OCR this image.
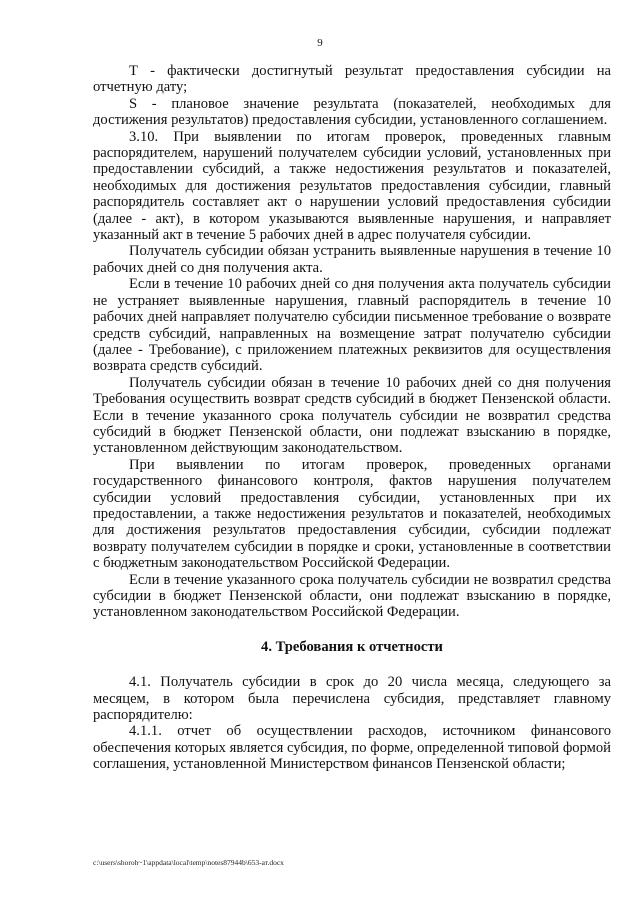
9

Т - фактически достигнутый результат предоставления субсидии на отчетную дату;

S - плановое значение результата (показателей, необходимых для достижения результатов) предоставления субсидии, установленного соглашением.

3.10. При выявлении по итогам проверок, проведенных главным распорядителем, нарушений получателем субсидии условий, установленных при предоставлении субсидий, а также недостижения результатов и показателей, необходимых для достижения результатов предоставления субсидии, главный распорядитель составляет акт о нарушении условий предоставления субсидии (далее - акт), в котором указываются выявленные нарушения, и направляет указанный акт в течение 5 рабочих дней в адрес получателя субсидии.

Получатель субсидии обязан устранить выявленные нарушения в течение 10 рабочих дней со дня получения акта.

Если в течение 10 рабочих дней со дня получения акта получатель субсидии не устраняет выявленные нарушения, главный распорядитель в течение 10 рабочих дней направляет получателю субсидии письменное требование о возврате средств субсидий, направленных на возмещение затрат получателю субсидии (далее - Требование), с приложением платежных реквизитов для осуществления возврата средств субсидий.

Получатель субсидии обязан в течение 10 рабочих дней со дня получения Требования осуществить возврат средств субсидий в бюджет Пензенской области. Если в течение указанного срока получатель субсидии не возвратил средства субсидий в бюджет Пензенской области, они подлежат взысканию в порядке, установленном действующим законодательством.

При выявлении по итогам проверок, проведенных органами государственного финансового контроля, фактов нарушения получателем субсидии условий предоставления субсидии, установленных при их предоставлении, а также недостижения результатов и показателей, необходимых для достижения результатов предоставления субсидии, субсидии подлежат возврату получателем субсидии в порядке и сроки, установленные в соответствии с бюджетным законодательством Российской Федерации.

Если в течение указанного срока получатель субсидии не возвратил средства субсидии в бюджет Пензенской области, они подлежат взысканию в порядке, установленном законодательством Российской Федерации.

4. Требования к отчетности

4.1. Получатель субсидии в срок до 20 числа месяца, следующего за месяцем, в котором была перечислена субсидия, представляет главному распорядителю:

4.1.1. отчет об осуществлении расходов, источником финансового обеспечения которых является субсидия, по форме, определенной типовой формой соглашения, установленной Министерством финансов Пензенской области;

c:\users\shoroh~1\appdata\local\temp\notes87944b\653-ат.docx
